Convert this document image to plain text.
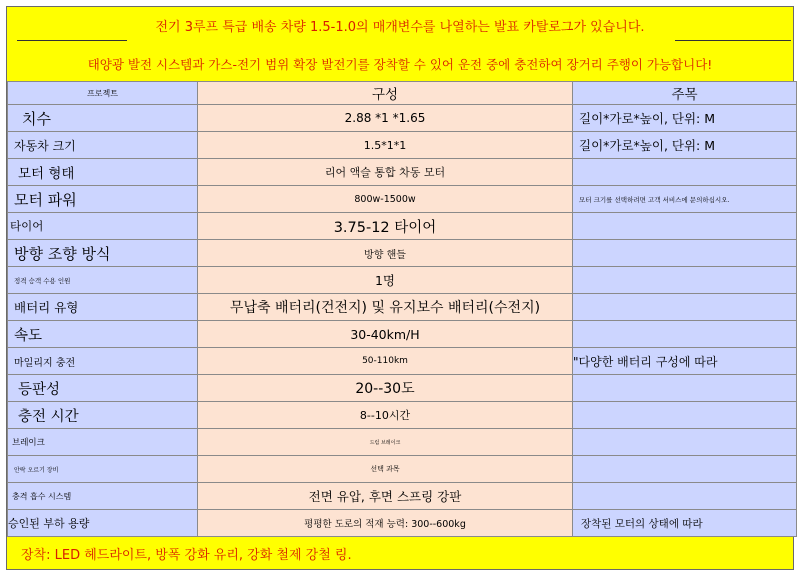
전기 3루프 특급 배송 차량 1.5-1.0의 매개변수를 나열하는 발표 카탈로그가 있습니다.
태양광 발전 시스템과 가스-전기 범위 확장 발전기를 장착할 수 있어 운전 중에 충전하여 장거리 주행이 가능합니다!
프로젝트	구성	주목
치수	2.88 *1 *1.65	길이*가로*높이, 단위: M
자동차 크기	1.5*1*1	길이*가로*높이, 단위: M
모터 형태	리어 액슬 통합 차동 모터	
모터 파워	800w-1500w	모터 크기를 선택하려면 고객 서비스에 문의하십시오.
타이어	3.75-12 타이어	
방향 조향 방식	방향 핸들	
정격 승객 수용 인원	1명	
배터리 유형	무납축 배터리(건전지) 및 유지보수 배터리(수전지)	
속도	30-40km/H	
마일리지 충전	50-110km	"다양한 배터리 구성에 따라
등판성	20--30도	
충전 시간	8--10시간	
브레이크	드럼 브레이크	
안락 오르기 장비	선택 과목	
충격 흡수 시스템	전면 유압, 후면 스프링 강판	
승인된 부하 용량	평평한 도로의 적재 능력: 300--600kg	장착된 모터의 상태에 따라
장착: LED 헤드라이트, 방폭 강화 유리, 강화 철제 강철 링.
